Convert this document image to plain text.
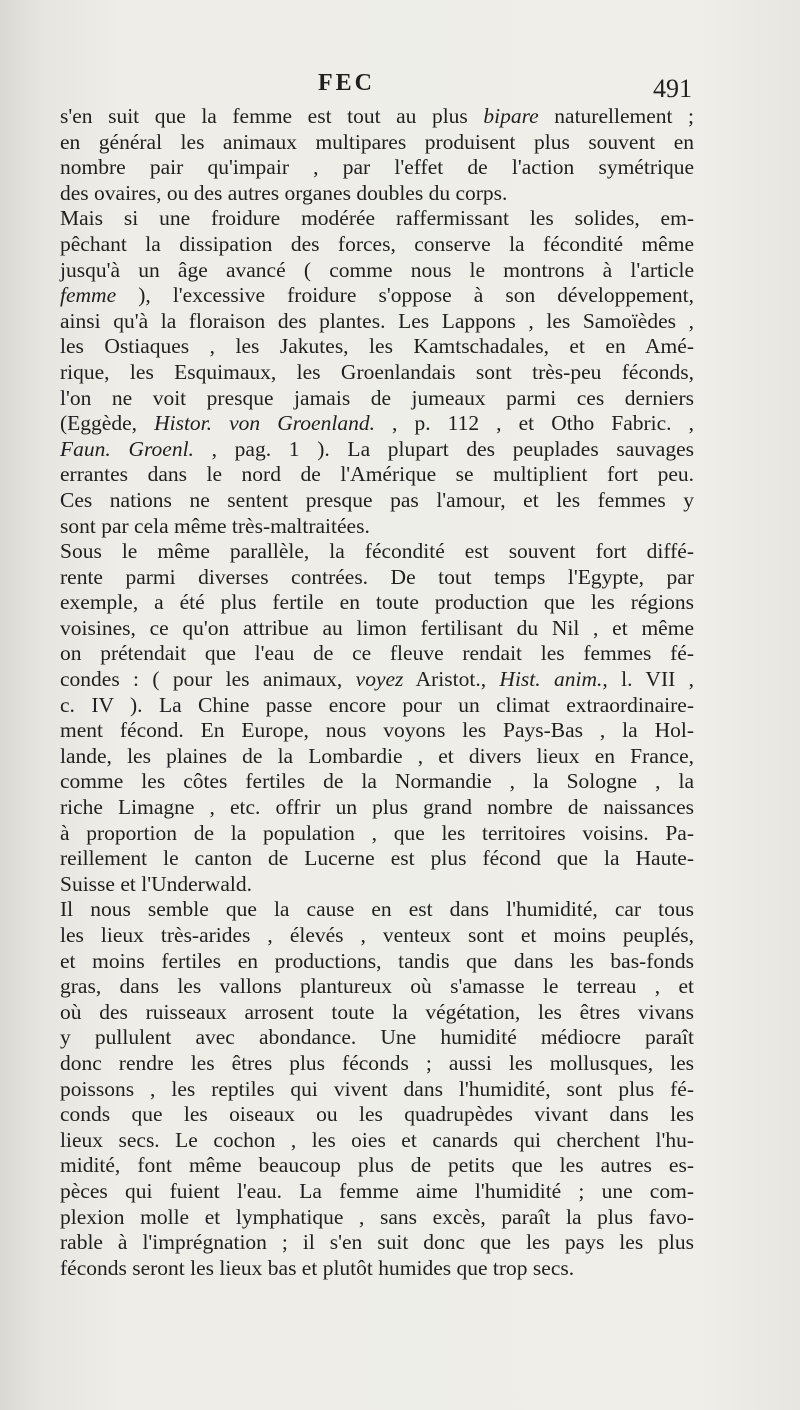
FEC	491
s'en suit que la femme est tout au plus bipare naturellement ;
en général les animaux multipares produisent plus souvent en
nombre pair qu'impair , par l'effet de l'action symétrique
des ovaires, ou des autres organes doubles du corps.
Mais si une froidure modérée raffermissant les solides, em-
pêchant la dissipation des forces, conserve la fécondité même
jusqu'à un âge avancé ( comme nous le montrons à l'article
femme ), l'excessive froidure s'oppose à son développement,
ainsi qu'à la floraison des plantes. Les Lappons , les Samoïèdes ,
les Ostiaques , les Jakutes, les Kamtschadales, et en Amé-
rique, les Esquimaux, les Groenlandais sont très-peu féconds,
l'on ne voit presque jamais de jumeaux parmi ces derniers
(Eggède, Histor. von Groenland. , p. 112 , et Otho Fabric. ,
Faun. Groenl. , pag. 1 ). La plupart des peuplades sauvages
errantes dans le nord de l'Amérique se multiplient fort peu.
Ces nations ne sentent presque pas l'amour, et les femmes y
sont par cela même très-maltraitées.
Sous le même parallèle, la fécondité est souvent fort diffé-
rente parmi diverses contrées. De tout temps l'Egypte, par
exemple, a été plus fertile en toute production que les régions
voisines, ce qu'on attribue au limon fertilisant du Nil , et même
on prétendait que l'eau de ce fleuve rendait les femmes fé-
condes : ( pour les animaux, voyez Aristot., Hist. anim., l. VII ,
c. IV ). La Chine passe encore pour un climat extraordinaire-
ment fécond. En Europe, nous voyons les Pays-Bas , la Hol-
lande, les plaines de la Lombardie , et divers lieux en France,
comme les côtes fertiles de la Normandie , la Sologne , la
riche Limagne , etc. offrir un plus grand nombre de naissances
à proportion de la population , que les territoires voisins. Pa-
reillement le canton de Lucerne est plus fécond que la Haute-
Suisse et l'Underwald.
Il nous semble que la cause en est dans l'humidité, car tous
les lieux très-arides , élevés , venteux sont et moins peuplés,
et moins fertiles en productions, tandis que dans les bas-fonds
gras, dans les vallons plantureux où s'amasse le terreau , et
où des ruisseaux arrosent toute la végétation, les êtres vivans
y pullulent avec abondance. Une humidité médiocre paraît
donc rendre les êtres plus féconds ; aussi les mollusques, les
poissons , les reptiles qui vivent dans l'humidité, sont plus fé-
conds que les oiseaux ou les quadrupèdes vivant dans les
lieux secs. Le cochon , les oies et canards qui cherchent l'hu-
midité, font même beaucoup plus de petits que les autres es-
pèces qui fuient l'eau. La femme aime l'humidité ; une com-
plexion molle et lymphatique , sans excès, paraît la plus favo-
rable à l'imprégnation ; il s'en suit donc que les pays les plus
féconds seront les lieux bas et plutôt humides que trop secs.
